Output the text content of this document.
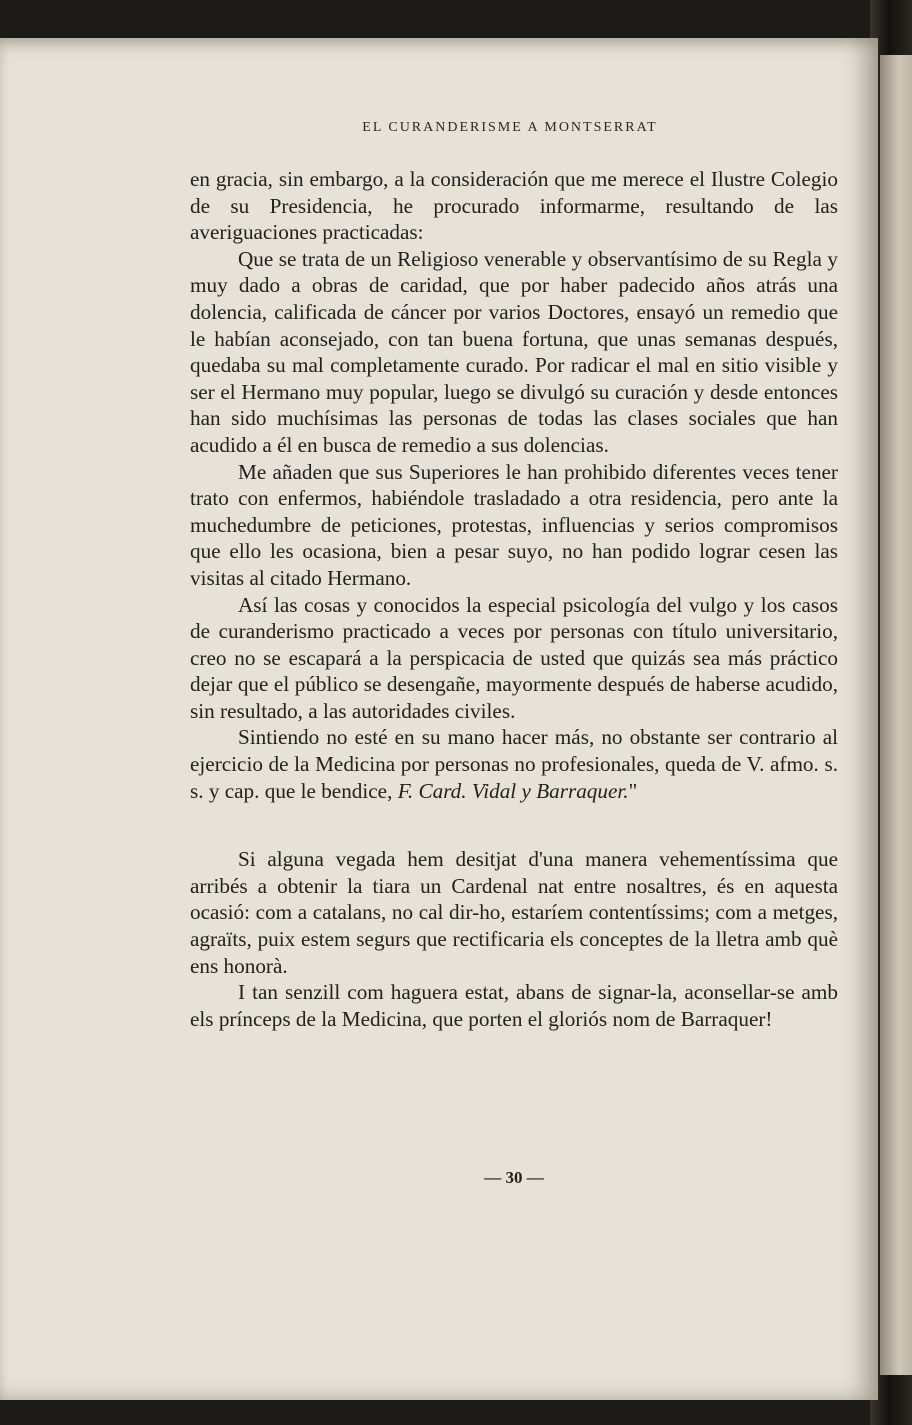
EL CURANDERISME A MONTSERRAT

en gracia, sin embargo, a la consideración que me merece el Ilustre Colegio de su Presidencia, he procurado informarme, resultando de las averiguaciones practicadas:

Que se trata de un Religioso venerable y observantísimo de su Regla y muy dado a obras de caridad, que por haber padecido años atrás una dolencia, calificada de cáncer por varios Doctores, ensayó un remedio que le habían aconsejado, con tan buena fortuna, que unas semanas después, quedaba su mal completamente curado. Por radicar el mal en sitio visible y ser el Hermano muy popular, luego se divulgó su curación y desde entonces han sido muchísimas las personas de todas las clases sociales que han acudido a él en busca de remedio a sus dolencias.

Me añaden que sus Superiores le han prohibido diferentes veces tener trato con enfermos, habiéndole trasladado a otra residencia, pero ante la muchedumbre de peticiones, protestas, influencias y serios compromisos que ello les ocasiona, bien a pesar suyo, no han podido lograr cesen las visitas al citado Hermano.

Así las cosas y conocidos la especial psicología del vulgo y los casos de curanderismo practicado a veces por personas con título universitario, creo no se escapará a la perspicacia de usted que quizás sea más práctico dejar que el público se desengañe, mayormente después de haberse acudido, sin resultado, a las autoridades civiles.

Sintiendo no esté en su mano hacer más, no obstante ser contrario al ejercicio de la Medicina por personas no profesionales, queda de V. afmo. s. s. y cap. que le bendice, F. Card. Vidal y Barraquer."

Si alguna vegada hem desitjat d'una manera vehementíssima que arribés a obtenir la tiara un Cardenal nat entre nosaltres, és en aquesta ocasió: com a catalans, no cal dir-ho, estaríem contentíssims; com a metges, agraïts, puix estem segurs que rectificaria els conceptes de la lletra amb què ens honorà.

I tan senzill com haguera estat, abans de signar-la, aconsellar-se amb els prínceps de la Medicina, que porten el gloriós nom de Barraquer!

— 30 —
